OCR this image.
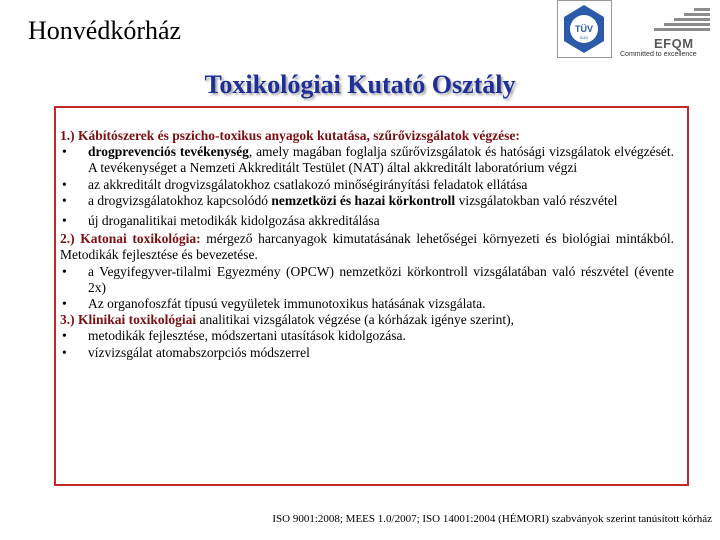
Honvédkórház	TÜV
SÜD	EFQM
Committed to excellence
Toxikológiai Kutató Osztály

1.) Kábítószerek és pszicho-toxikus anyagok kutatása, szűrővizsgálatok végzése:

•	drogprevenciós tevékenység, amely magában foglalja szűrővizsgálatok és hatósági vizsgálatok elvégzését. A tevékenységet a Nemzeti Akkreditált Testület (NAT) által akkreditált laboratórium végzi
•	az akkreditált drogvizsgálatokhoz csatlakozó minőségirányítási feladatok ellátása
•	a drogvizsgálatokhoz kapcsolódó nemzetközi és hazai körkontroll vizsgálatokban való részvétel
•	új droganalitikai metodikák kidolgozása akkreditálása

2.) Katonai toxikológia: mérgező harcanyagok kimutatásának lehetőségei környezeti és biológiai mintákból. Metodikák fejlesztése és bevezetése.

•	a Vegyifegyver-tilalmi Egyezmény (OPCW) nemzetközi körkontroll vizsgálatában való részvétel (évente 2x)
•	Az organofoszfát típusú vegyületek immunotoxikus hatásának vizsgálata.

3.) Klinikai toxikológiai analitikai vizsgálatok végzése (a kórházak igénye szerint),

•	metodikák fejlesztése, módszertani utasítások kidolgozása.
•	vízvizsgálat atomabszorpciós módszerrel
ISO 9001:2008; MEES 1.0/2007; ISO 14001:2004 (HÉMORI) szabványok szerint tanúsított kórház
